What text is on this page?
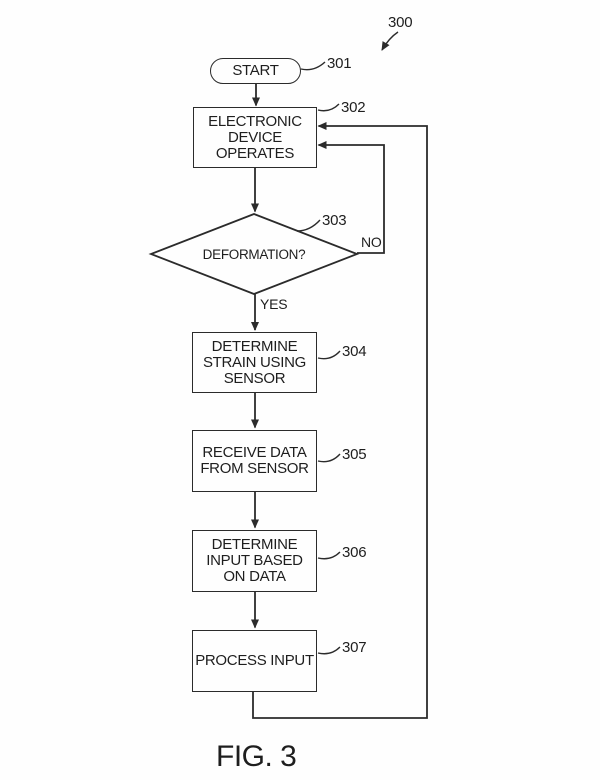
START
ELECTRONIC
DEVICE
OPERATES
DEFORMATION?
DETERMINE
STRAIN USING
SENSOR
RECEIVE DATA
FROM SENSOR
DETERMINE
INPUT BASED
ON DATA
PROCESS INPUT
YES
NO
300
301
302
303
304
305
306
307
FIG. 3
